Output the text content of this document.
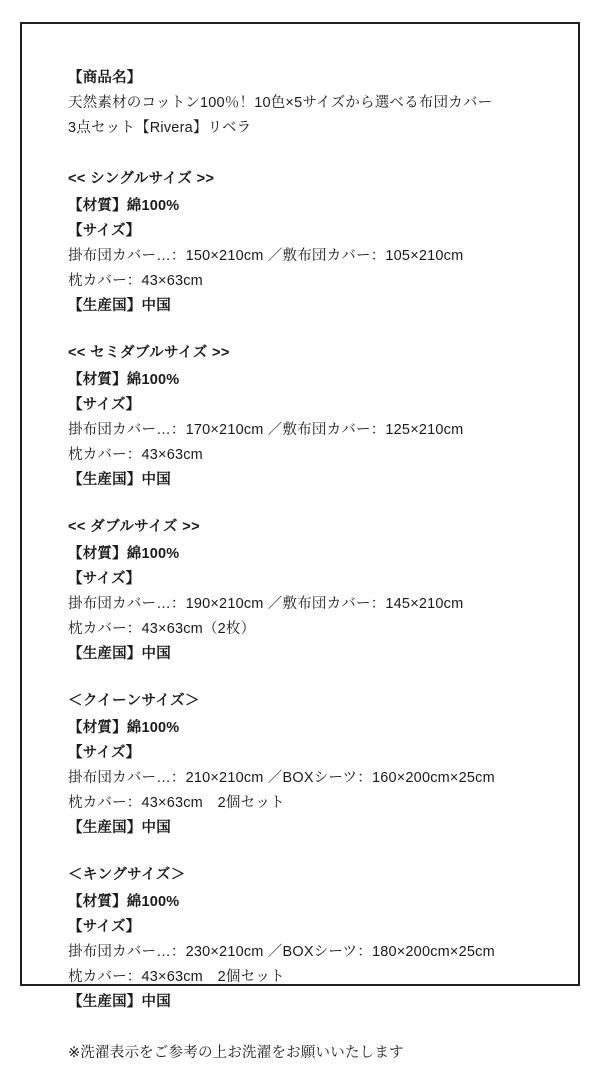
【商品名】
天然素材のコットン100％！10色×5サイズから選べる布団カバー
3点セット【Rivera】リベラ
<< シングルサイズ >>
【材質】綿100%
【サイズ】
掛布団カバー…：150×210cm ／敷布団カバー：105×210cm
枕カバー：43×63cm
【生産国】中国
<< セミダブルサイズ >>
【材質】綿100%
【サイズ】
掛布団カバー…：170×210cm ／敷布団カバー：125×210cm
枕カバー：43×63cm
【生産国】中国
<< ダブルサイズ >>
【材質】綿100%
【サイズ】
掛布団カバー…：190×210cm ／敷布団カバー：145×210cm
枕カバー：43×63cm（2枚）
【生産国】中国
＜クイーンサイズ＞
【材質】綿100%
【サイズ】
掛布団カバー…：210×210cm ／BOXシーツ：160×200cm×25cm
枕カバー：43×63cm　2個セット
【生産国】中国
＜キングサイズ＞
【材質】綿100%
【サイズ】
掛布団カバー…：230×210cm ／BOXシーツ：180×200cm×25cm
枕カバー：43×63cm　2個セット
【生産国】中国
※洗濯表示をご参考の上お洗濯をお願いいたします
